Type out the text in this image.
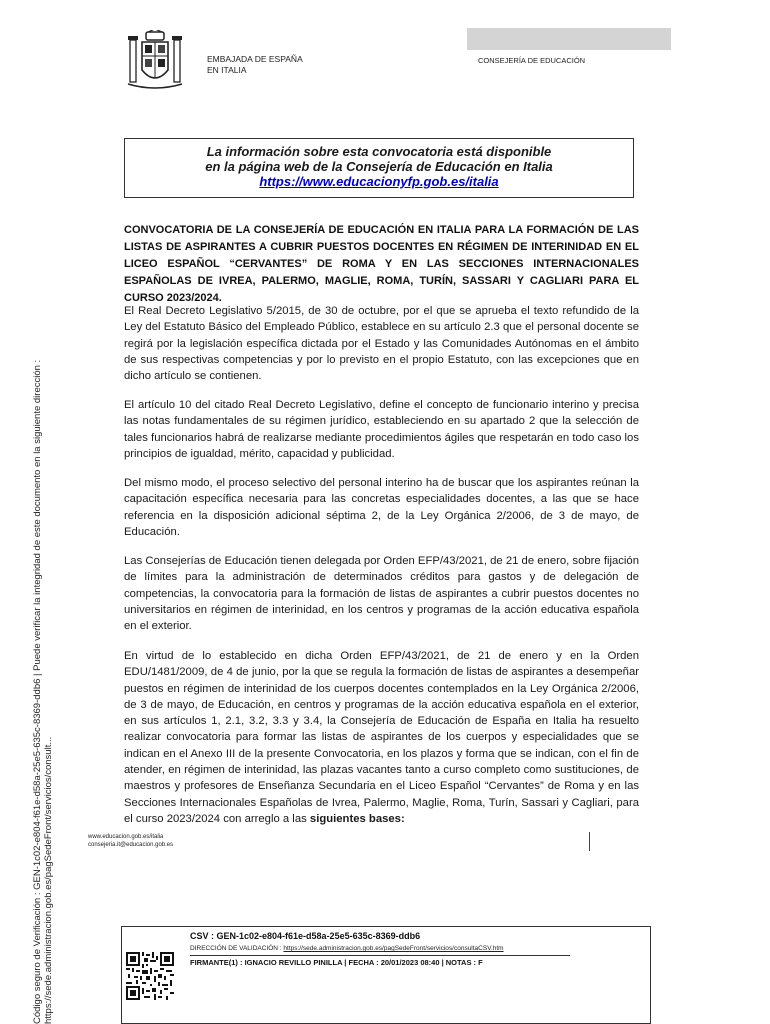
EMBAJADA DE ESPAÑA
EN ITALIA
CONSEJERÍA DE EDUCACIÓN
La información sobre esta convocatoria está disponible
en la página web de la Consejería de Educación en Italia
https://www.educacionyfp.gob.es/italia
CONVOCATORIA DE LA CONSEJERÍA DE EDUCACIÓN EN ITALIA PARA LA FORMACIÓN DE LAS LISTAS DE ASPIRANTES A CUBRIR PUESTOS DOCENTES EN RÉGIMEN DE INTERINIDAD EN EL LICEO ESPAÑOL “CERVANTES” DE ROMA Y EN LAS SECCIONES INTERNACIONALES ESPAÑOLAS DE IVREA, PALERMO, MAGLIE, ROMA, TURÍN, SASSARI Y CAGLIARI PARA EL CURSO 2023/2024.
El Real Decreto Legislativo 5/2015, de 30 de octubre, por el que se aprueba el texto refundido de la Ley del Estatuto Básico del Empleado Público, establece en su artículo 2.3 que el personal docente se regirá por la legislación específica dictada por el Estado y las Comunidades Autónomas en el ámbito de sus respectivas competencias y por lo previsto en el propio Estatuto, con las excepciones que en dicho artículo se contienen.
El artículo 10 del citado Real Decreto Legislativo, define el concepto de funcionario interino y precisa las notas fundamentales de su régimen jurídico, estableciendo en su apartado 2 que la selección de tales funcionarios habrá de realizarse mediante procedimientos ágiles que respetarán en todo caso los principios de igualdad, mérito, capacidad y publicidad.
Del mismo modo, el proceso selectivo del personal interino ha de buscar que los aspirantes reúnan la capacitación específica necesaria para las concretas especialidades docentes, a las que se hace referencia en la disposición adicional séptima 2, de la Ley Orgánica 2/2006, de 3 de mayo, de Educación.
Las Consejerías de Educación tienen delegada por Orden EFP/43/2021, de 21 de enero, sobre fijación de límites para la administración de determinados créditos para gastos y de delegación de competencias, la convocatoria para la formación de listas de aspirantes a cubrir puestos docentes no universitarios en régimen de interinidad, en los centros y programas de la acción educativa española en el exterior.
En virtud de lo establecido en dicha Orden EFP/43/2021, de 21 de enero y en la Orden EDU/1481/2009, de 4 de junio, por la que se regula la formación de listas de aspirantes a desempeñar puestos en régimen de interinidad de los cuerpos docentes contemplados en la Ley Orgánica 2/2006, de 3 de mayo, de Educación, en centros y programas de la acción educativa española en el exterior, en sus artículos 1, 2.1, 3.2, 3.3 y 3.4, la Consejería de Educación de España en Italia ha resuelto realizar convocatoria para formar las listas de aspirantes de los cuerpos y especialidades que se indican en el Anexo III de la presente Convocatoria, en los plazos y forma que se indican, con el fin de atender, en régimen de interinidad, las plazas vacantes tanto a curso completo como sustituciones, de maestros y profesores de Enseñanza Secundaria en el Liceo Español “Cervantes” de Roma y en las Secciones Internacionales Españolas de Ivrea, Palermo, Maglie, Roma, Turín, Sassari y Cagliari, para el curso 2023/2024 con arreglo a las siguientes bases:
www.educacion.gob.es/italia
consejeria.it@educacion.gob.es
Código seguro de Verificación : GEN-1c02-e804-f61e-d58a-25e5-635c-8369-ddb6 | Puede verificar la integridad de este documento en la siguiente dirección : https://sede.administracion.gob.es/pagSedeFront/servicios/consult...	CSV : GEN-1c02-e804-f61e-d58a-25e5-635c-8369-ddb6
DIRECCIÓN DE VALIDACIÓN : https://sede.administracion.gob.es/pagSedeFront/servicios/consultaCSV.htm
FIRMANTE(1) : IGNACIO REVILLO PINILLA | FECHA : 20/01/2023 08:40 | NOTAS : F
